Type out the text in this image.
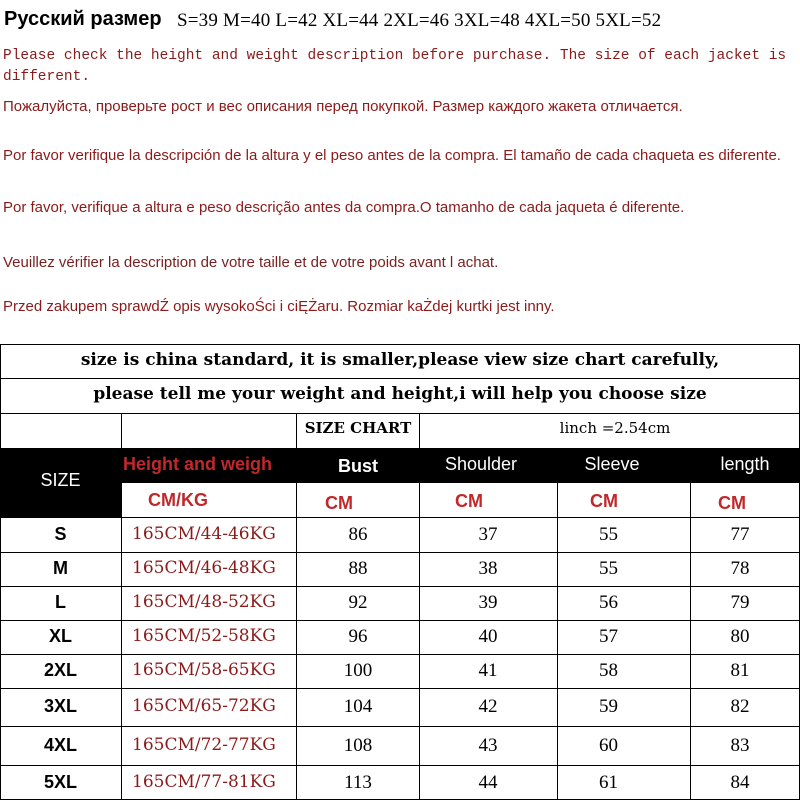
Русский размер S=39 M=40 L=42 XL=44 2XL=46 3XL=48 4XL=50 5XL=52
Please check the height and weight description before purchase. The size of each jacket is different.
Пожалуйста, проверьте рост и вес описания перед покупкой. Размер каждого жакета отличается.
Por favor verifique la descripción de la altura y el peso antes de la compra. El tamaño de cada chaqueta es diferente.
Por favor, verifique a altura e peso descrição antes da compra.O tamanho de cada jaqueta é diferente.
Veuillez vérifier la description de votre taille et de votre poids avant l achat.
Przed zakupem sprawdŹ opis wysokoŚci i ciĘŻaru. Rozmiar kaŻdej kurtki jest inny.
size is china standard, it is smaller,please view size chart carefully,
please tell me your weight and height,i will help you choose size
SIZE CHART	linch =2.54cm
SIZE
Height and weigh	Bust	Shoulder	Sleeve	length
CM/KG	CM	CM	CM	CM
S	165CM/44-46KG	86	37	55	77
M	165CM/46-48KG	88	38	55	78
L	165CM/48-52KG	92	39	56	79
XL	165CM/52-58KG	96	40	57	80
2XL	165CM/58-65KG	100	41	58	81
3XL	165CM/65-72KG	104	42	59	82
4XL	165CM/72-77KG	108	43	60	83
5XL	165CM/77-81KG	113	44	61	84
